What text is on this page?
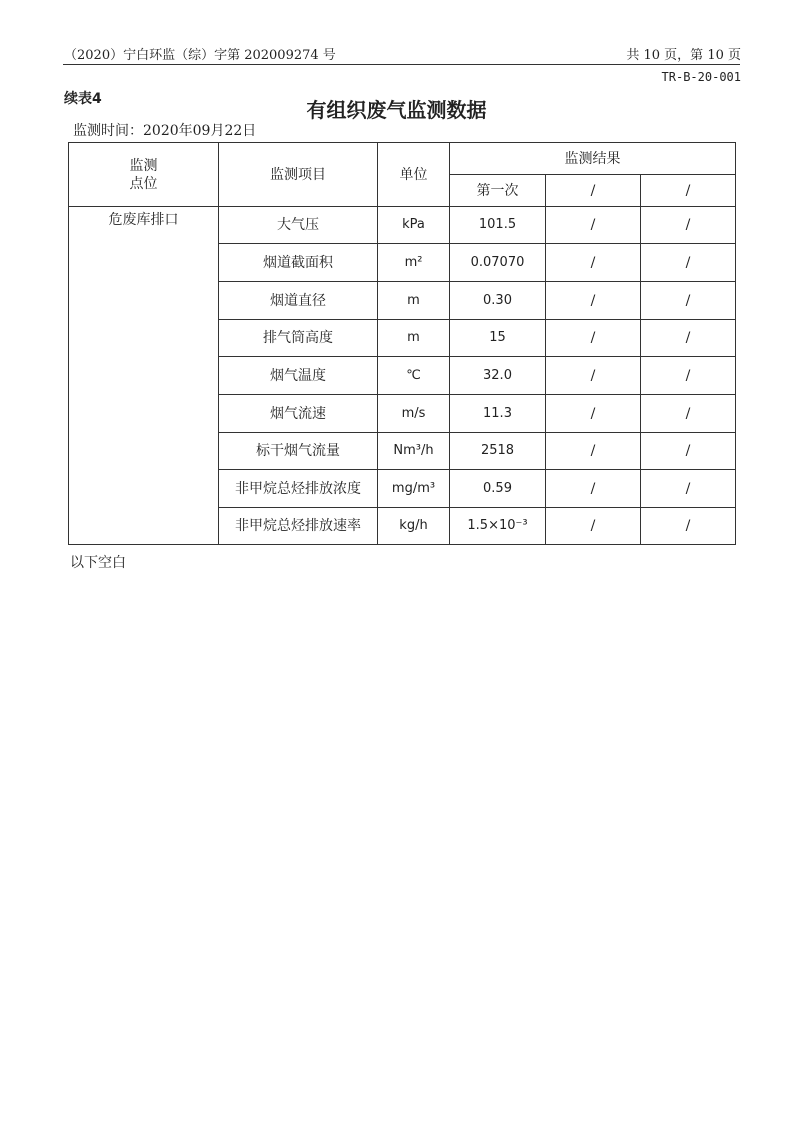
（2020）宁白环监（综）字第 202009274 号	共 10 页，第 10 页
TR-B-20-001
续表4	有组织废气监测数据
监测时间：2020年09月22日
监测
点位	监测项目	单位	监测结果		
			第一次	/	/
危废库排口	大气压	kPa	101.5	/	/
	烟道截面积	m²	0.07070	/	/
	烟道直径	m	0.30	/	/
	排气筒高度	m	15	/	/
	烟气温度	℃	32.0	/	/
	烟气流速	m/s	11.3	/	/
	标干烟气流量	Nm³/h	2518	/	/
	非甲烷总烃排放浓度	mg/m³	0.59	/	/
	非甲烷总烃排放速率	kg/h	1.5×10⁻³	/	/
以下空白
